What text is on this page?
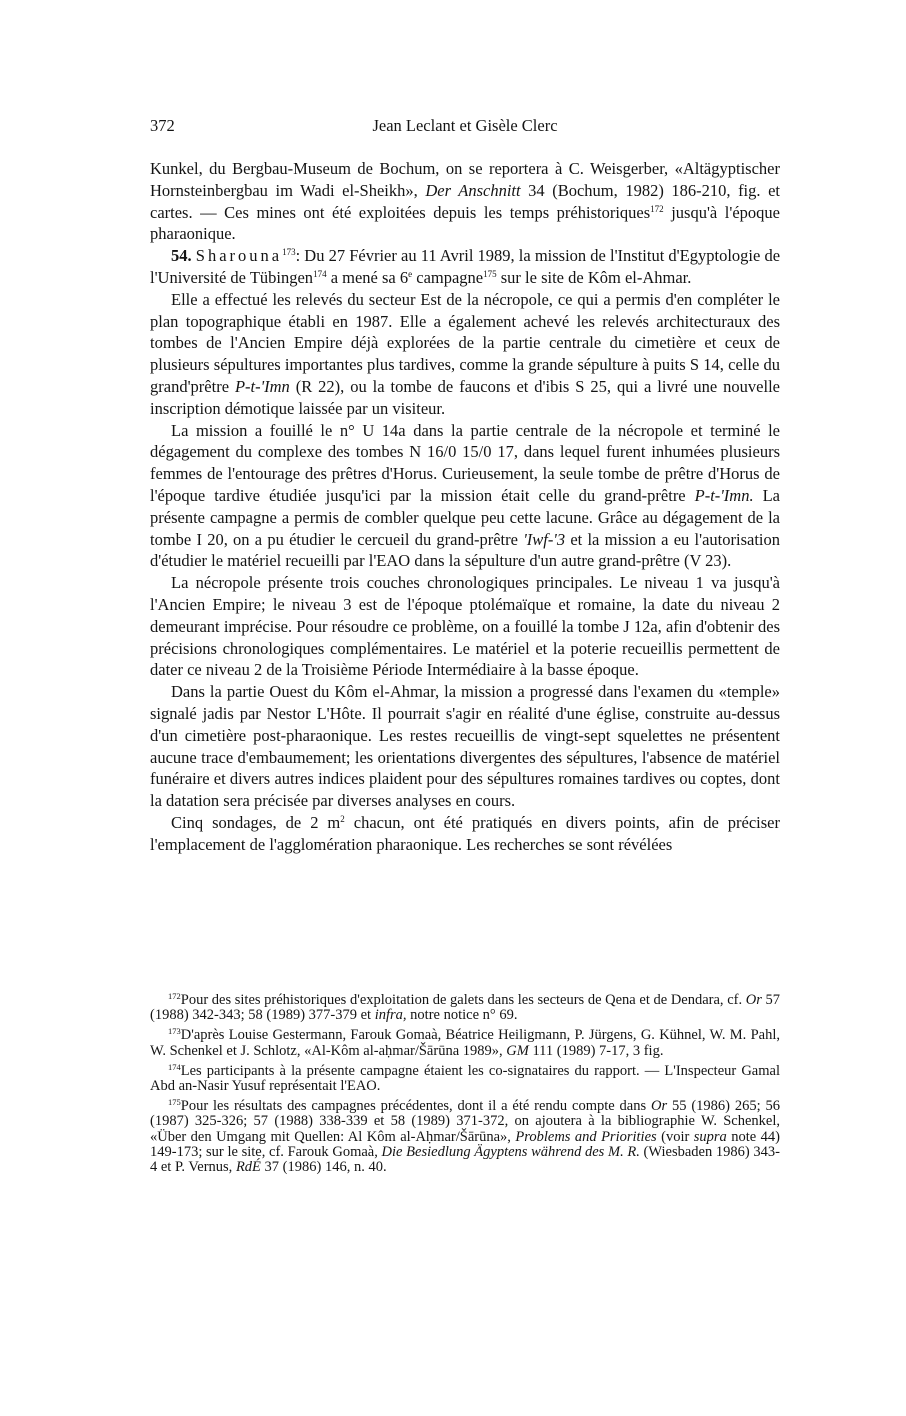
372	Jean Leclant et Gisèle Clerc

Kunkel, du Bergbau-Museum de Bochum, on se reportera à C. Weisgerber, «Altägyptischer Hornsteinbergbau im Wadi el-Sheikh», Der Anschnitt 34 (Bochum, 1982) 186-210, fig. et cartes. — Ces mines ont été exploitées depuis les temps préhistoriques$^{172}$ jusqu'à l'époque pharaonique.

54. Sharouna$^{173}$: Du 27 Février au 11 Avril 1989, la mission de l'Institut d'Egyptologie de l'Université de Tübingen$^{174}$ a mené sa 6e campagne$^{175}$ sur le site de Kôm el-Ahmar.

Elle a effectué les relevés du secteur Est de la nécropole, ce qui a permis d'en compléter le plan topographique établi en 1987. Elle a également achevé les relevés architecturaux des tombes de l'Ancien Empire déjà explorées de la partie centrale du cimetière et ceux de plusieurs sépultures importantes plus tardives, comme la grande sépulture à puits S 14, celle du grand'prêtre P-t-'Imn (R 22), ou la tombe de faucons et d'ibis S 25, qui a livré une nouvelle inscription démotique laissée par un visiteur.

La mission a fouillé le n° U 14a dans la partie centrale de la nécropole et terminé le dégagement du complexe des tombes N 16/0 15/0 17, dans lequel furent inhumées plusieurs femmes de l'entourage des prêtres d'Horus. Curieusement, la seule tombe de prêtre d'Horus de l'époque tardive étudiée jusqu'ici par la mission était celle du grand-prêtre P-t-'Imn. La présente campagne a permis de combler quelque peu cette lacune. Grâce au dégagement de la tombe I 20, on a pu étudier le cercueil du grand-prêtre 'Iwf-'3 et la mission a eu l'autorisation d'étudier le matériel recueilli par l'EAO dans la sépulture d'un autre grand-prêtre (V 23).

La nécropole présente trois couches chronologiques principales. Le niveau 1 va jusqu'à l'Ancien Empire; le niveau 3 est de l'époque ptolémaïque et romaine, la date du niveau 2 demeurant imprécise. Pour résoudre ce problème, on a fouillé la tombe J 12a, afin d'obtenir des précisions chronologiques complémentaires. Le matériel et la poterie recueillis permettent de dater ce niveau 2 de la Troisième Période Intermédiaire à la basse époque.

Dans la partie Ouest du Kôm el-Ahmar, la mission a progressé dans l'examen du «temple» signalé jadis par Nestor L'Hôte. Il pourrait s'agir en réalité d'une église, construite au-dessus d'un cimetière post-pharaonique. Les restes recueillis de vingt-sept squelettes ne présentent aucune trace d'embaumement; les orientations divergentes des sépultures, l'absence de matériel funéraire et divers autres indices plaident pour des sépultures romaines tardives ou coptes, dont la datation sera précisée par diverses analyses en cours.

Cinq sondages, de 2 $m^2$ chacun, ont été pratiqués en divers points, afin de préciser l'emplacement de l'agglomération pharaonique. Les recherches se sont révélées

$^{172}$Pour des sites préhistoriques d'exploitation de galets dans les secteurs de Qena et de Dendara, cf. Or 57 (1988) 342-343; 58 (1989) 377-379 et infra, notre notice n° 69.

$^{173}$D'après Louise Gestermann, Farouk Gomaà, Béatrice Heiligmann, P. Jürgens, G. Kühnel, W. M. Pahl, W. Schenkel et J. Schlotz, «Al-Kôm al-aḥmar/Šārūna 1989», GM 111 (1989) 7-17, 3 fig.

$^{174}$Les participants à la présente campagne étaient les co-signataires du rapport. — L'Inspecteur Gamal Abd an-Nasir Yusuf représentait l'EAO.

$^{175}$Pour les résultats des campagnes précédentes, dont il a été rendu compte dans Or 55 (1986) 265; 56 (1987) 325-326; 57 (1988) 338-339 et 58 (1989) 371-372, on ajoutera à la bibliographie W. Schenkel, «Über den Umgang mit Quellen: Al Kôm al-Aḥmar/Šārūna», Problems and Priorities (voir supra note 44) 149-173; sur le site, cf. Farouk Gomaà, Die Besiedlung Ägyptens während des M. R. (Wiesbaden 1986) 343-4 et P. Vernus, RdÉ 37 (1986) 146, n. 40.
